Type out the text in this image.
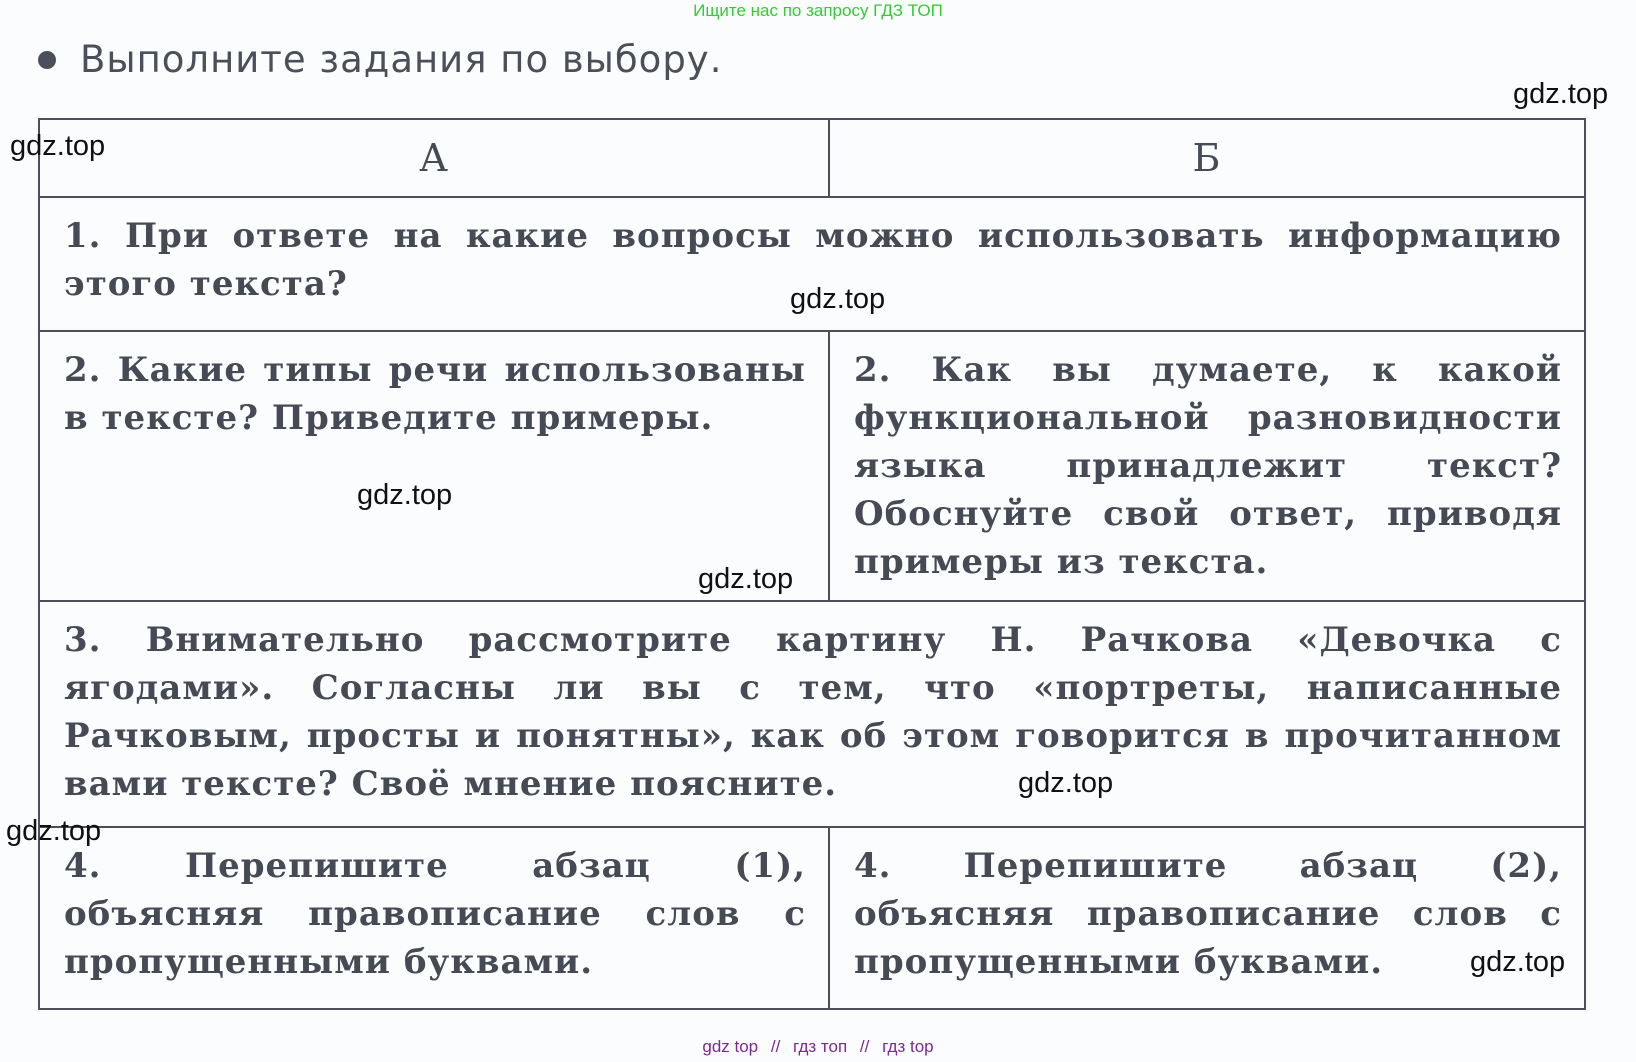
Ищите нас по запросу ГДЗ ТОП
Выполните задания по выбору.
А	Б
1. При ответе на какие вопросы можно использовать информацию этого текста?	
2. Какие типы речи использованы в тексте? Приведите примеры.	2. Как вы думаете, к какой функциональной разновидности языка принадлежит текст? Обоснуйте свой ответ, приводя примеры из текста.
3. Внимательно рассмотрите картину Н. Рачкова «Девочка с ягодами». Согласны ли вы с тем, что «портреты, написанные Рачковым, просты и понятны», как об этом говорится в прочитанном вами тексте? Своё мнение поясните.	
4. Перепишите абзац (1), объясняя правописание слов с пропущенными буквами.	4. Перепишите абзац (2), объясняя правописание слов с пропущенными буквами.
gdz.top
gdz.top
gdz.top
gdz.top
gdz.top
gdz.top
gdz.top
gdz.top
gdz top // гдз топ // гдз top
